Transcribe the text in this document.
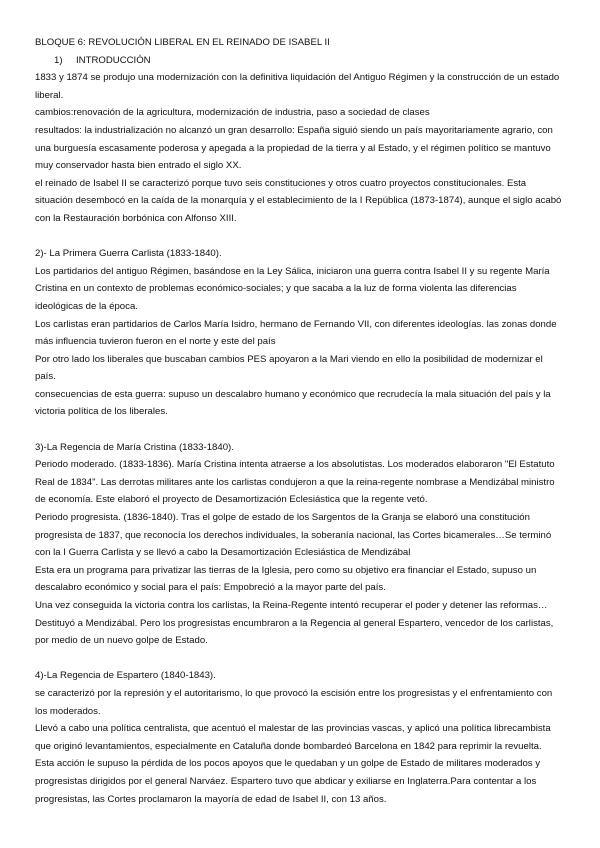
BLOQUE 6: REVOLUCIÓN LIBERAL EN EL REINADO DE ISABEL II

1) INTRODUCCIÓN

1833 y 1874 se produjo una modernización con la definitiva liquidación del Antiguo Régimen y la construcción de un estado liberal.

cambios:renovación de la agricultura, modernización de industria, paso a sociedad de clases

resultados: la industrialización no alcanzó un gran desarrollo: España siguió siendo un país mayoritariamente agrario, con una burguesía escasamente poderosa y apegada a la propiedad de la tierra y al Estado, y el régimen político se mantuvo muy conservador hasta bien entrado el siglo XX.

el reinado de Isabel II se caracterizó porque tuvo seis constituciones y otros cuatro proyectos constitucionales. Esta situación desembocó en la caída de la monarquía y el establecimiento de la I República (1873-1874), aunque el siglo acabó con la Restauración borbónica con Alfonso XIII.

2)- La Primera Guerra Carlista (1833-1840).

Los partidarios del antiguo Régimen, basándose en la Ley Sálica, iniciaron una guerra contra Isabel II y su regente María Cristina en un contexto de problemas económico-sociales; y que sacaba a la luz de forma violenta las diferencias ideológicas de la época.

Los carlistas eran partidarios de Carlos María Isidro, hermano de Fernando VII, con diferentes ideologías. las zonas donde más influencia tuvieron fueron en el norte y este del país

Por otro lado los liberales que buscaban cambios PES apoyaron a la Mari viendo en ello la posibilidad de modernizar el país.

consecuencias de esta guerra: supuso un descalabro humano y económico que recrudecía la mala situación del país y la victoria política de los liberales.

3)-La Regencia de María Cristina (1833-1840).

Periodo moderado. (1833-1836). María Cristina intenta atraerse a los absolutistas. Los moderados elaboraron "El Estatuto Real de 1834". Las derrotas militares ante los carlistas condujeron a que la reina-regente nombrase a Mendizábal ministro de economía. Este elaboró el proyecto de Desamortización Eclesiástica que la regente vetó.

Periodo progresista. (1836-1840). Tras el golpe de estado de los Sargentos de la Granja se elaboró una constitución progresista de 1837, que reconocía los derechos individuales, la soberanía nacional, las Cortes bicamerales…Se terminó con la I Guerra Carlista y se llevó a cabo la Desamortización Eclesiástica de Mendizábal

Esta era un programa para privatizar las tierras de la Iglesia, pero como su objetivo era financiar el Estado, supuso un descalabro económico y social para el país: Empobreció a la mayor parte del país.

Una vez conseguida la victoria contra los carlistas, la Reina-Regente intentó recuperar el poder y detener las reformas… Destituyó a Mendizábal. Pero los progresistas encumbraron a la Regencia al general Espartero, vencedor de los carlistas, por medio de un nuevo golpe de Estado.

4)-La Regencia de Espartero (1840-1843).

se caracterizó por la represión y el autoritarismo, lo que provocó la escisión entre los progresistas y el enfrentamiento con los moderados.

Llevó a cabo una política centralista, que acentuó el malestar de las provincias vascas, y aplicó una política librecambista que originó levantamientos, especialmente en Cataluña donde bombardeó Barcelona en 1842 para reprimir la revuelta. Esta acción le supuso la pérdida de los pocos apoyos que le quedaban y un golpe de Estado de militares moderados y progresistas dirigidos por el general Narváez. Espartero tuvo que abdicar y exiliarse en Inglaterra.Para contentar a los progresistas, las Cortes proclamaron la mayoría de edad de Isabel II, con 13 años.
